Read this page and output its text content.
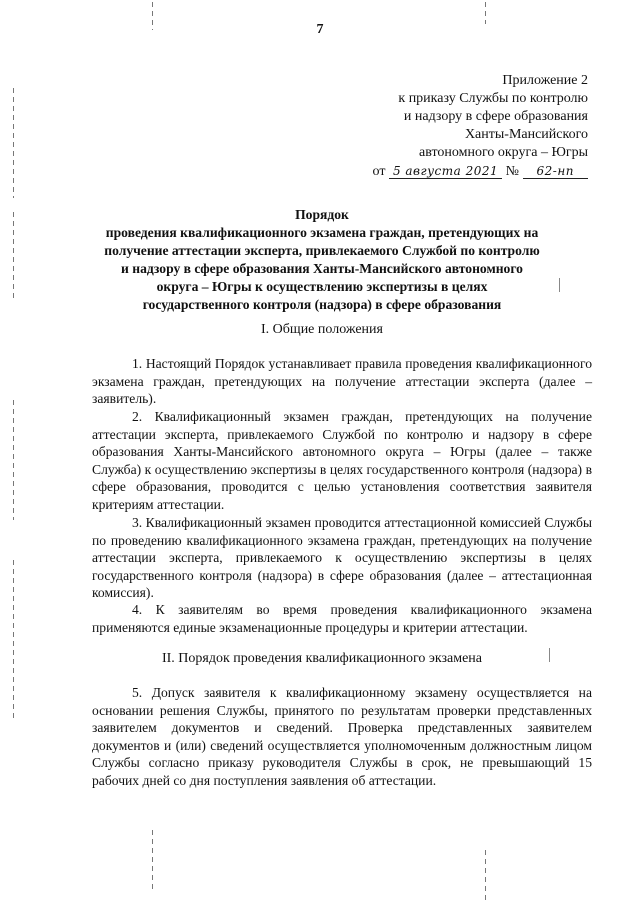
7
Приложение 2
к приказу Службы по контролю
и надзору в сфере образования
Ханты-Мансийского
автономного округа – Югры
от 5 августа 2021 № 62-нп
Порядок
проведения квалификационного экзамена граждан, претендующих на
получение аттестации эксперта, привлекаемого Службой по контролю
и надзору в сфере образования Ханты-Мансийского автономного
округа – Югры к осуществлению экспертизы в целях
государственного контроля (надзора) в сфере образования
I. Общие положения

1. Настоящий Порядок устанавливает правила проведения квалификационного экзамена граждан, претендующих на получение аттестации эксперта (далее – заявитель).

2. Квалификационный экзамен граждан, претендующих на получение аттестации эксперта, привлекаемого Службой по контролю и надзору в сфере образования Ханты-Мансийского автономного округа – Югры (далее – также Служба) к осуществлению экспертизы в целях государственного контроля (надзора) в сфере образования, проводится с целью установления соответствия заявителя критериям аттестации.

3. Квалификационный экзамен проводится аттестационной комиссией Службы по проведению квалификационного экзамена граждан, претендующих на получение аттестации эксперта, привлекаемого к осуществлению экспертизы в целях государственного контроля (надзора) в сфере образования (далее – аттестационная комиссия).

4. К заявителям во время проведения квалификационного экзамена применяются единые экзаменационные процедуры и критерии аттестации.

II. Порядок проведения квалификационного экзамена

5. Допуск заявителя к квалификационному экзамену осуществляется на основании решения Службы, принятого по результатам проверки представленных заявителем документов и сведений. Проверка представленных заявителем документов и (или) сведений осуществляется уполномоченным должностным лицом Службы согласно приказу руководителя Службы в срок, не превышающий 15 рабочих дней со дня поступления заявления об аттестации.
